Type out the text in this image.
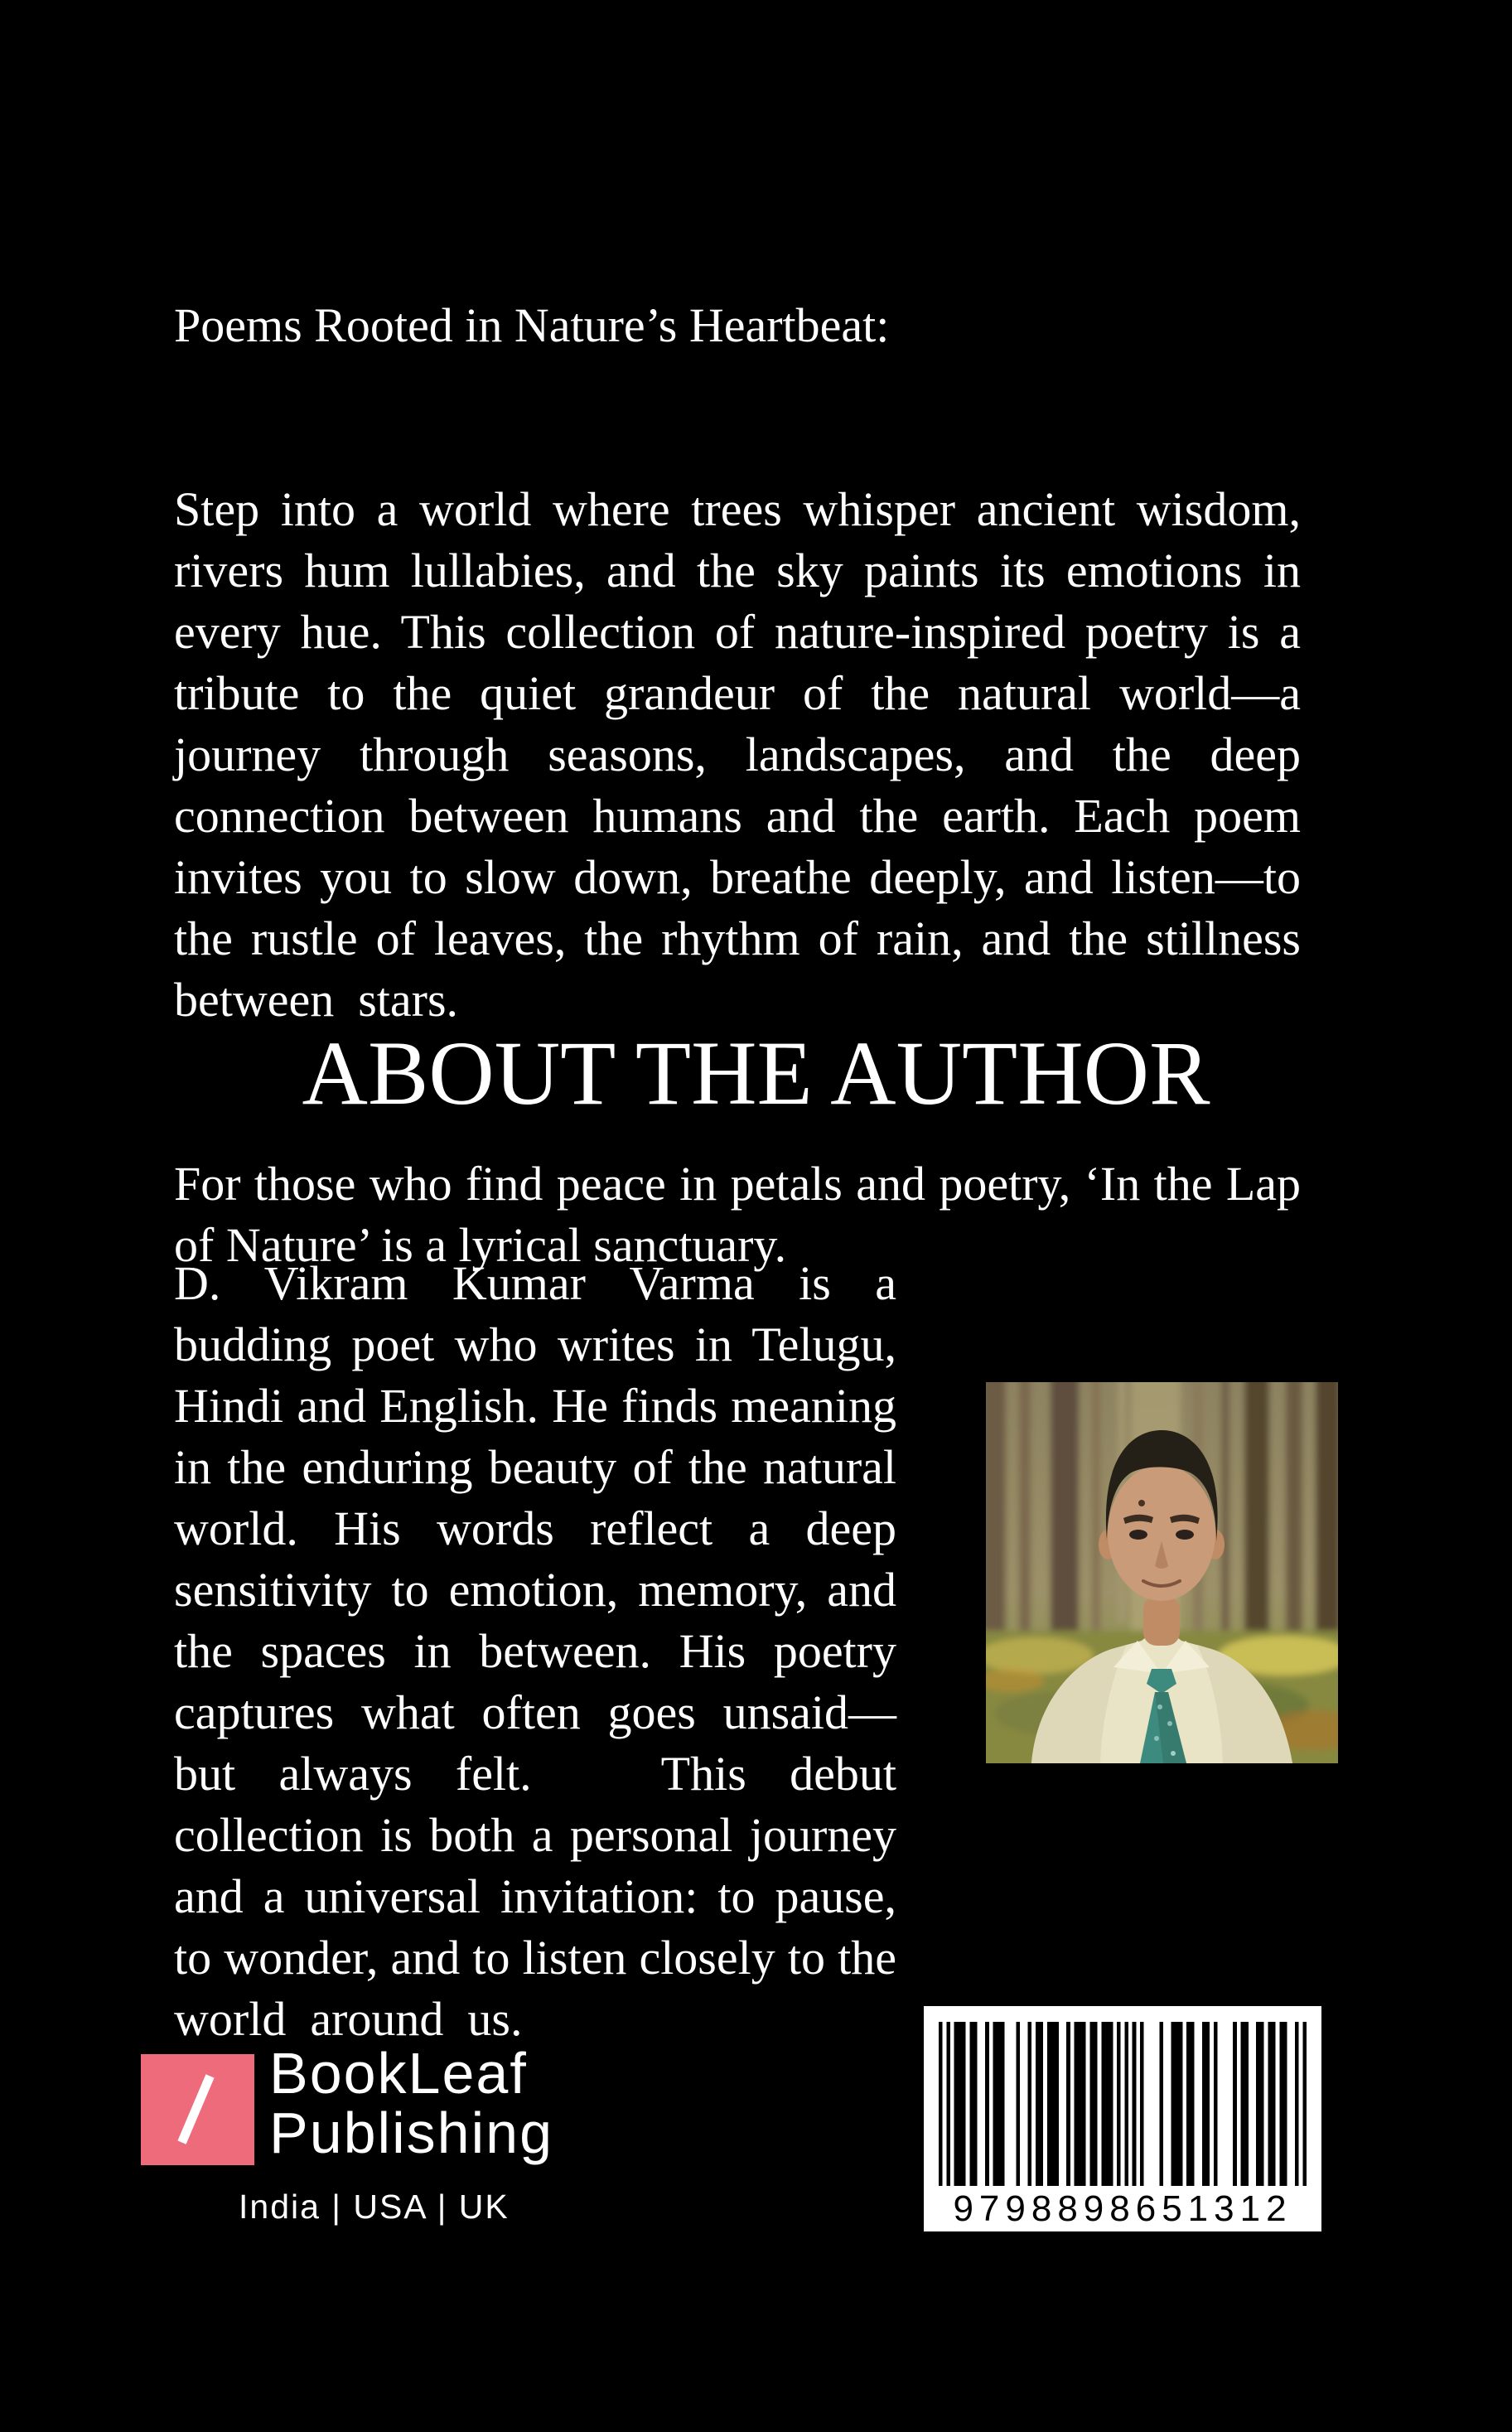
Poems Rooted in Nature’s Heartbeat:

Step into a world where trees whisper ancient wisdom, rivers hum lullabies, and the sky paints its emotions in every hue. This collection of nature-inspired poetry is a tribute to the quiet grandeur of the natural world—a journey through seasons, landscapes, and the deep connection between humans and the earth. Each poem invites you to slow down, breathe deeply, and listen—to the rustle of leaves, the rhythm of rain, and the stillness between  stars.

For those who find peace in petals and poetry, ‘In the Lap of Nature’ is a lyrical sanctuary.

ABOUT THE AUTHOR

D. Vikram Kumar Varma is a budding poet who writes in Telugu, Hindi and English. He finds meaning in the enduring beauty of the natural world. His words reflect a deep sensitivity to emotion, memory, and the spaces in between. His poetry captures what often goes unsaid—but always felt.   This debut collection is both a personal journey and a universal invitation: to pause, to wonder, and to listen closely to the world  around  us.

BookLeaf
Publishing
India | USA | UK	9798898651312
